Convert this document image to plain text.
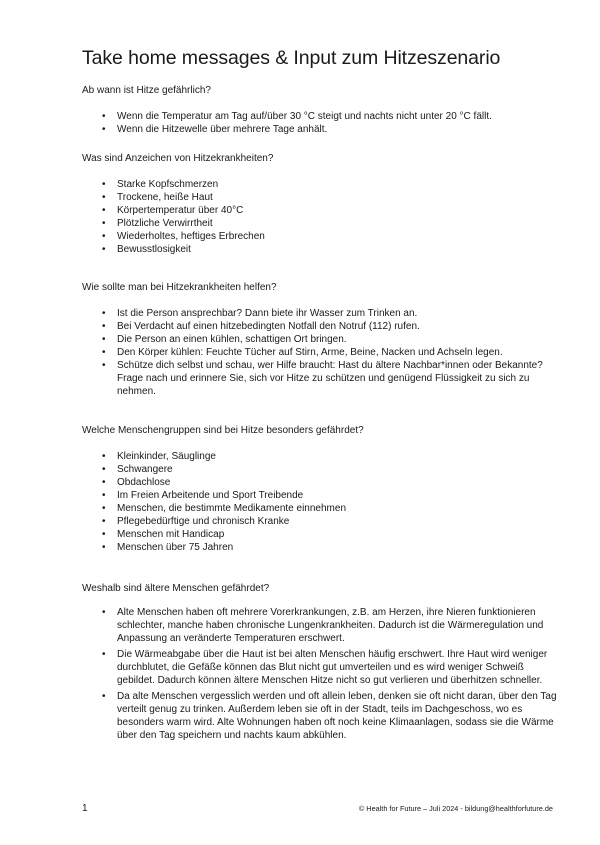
Take home messages & Input zum Hitzeszenario

Ab wann ist Hitze gefährlich?

• Wenn die Temperatur am Tag auf/über 30 °C steigt und nachts nicht unter 20 °C fällt.
• Wenn die Hitzewelle über mehrere Tage anhält.

Was sind Anzeichen von Hitzekrankheiten?

• Starke Kopfschmerzen
• Trockene, heiße Haut
• Körpertemperatur über 40°C
• Plötzliche Verwirrtheit
• Wiederholtes, heftiges Erbrechen
• Bewusstlosigkeit

Wie sollte man bei Hitzekrankheiten helfen?

• Ist die Person ansprechbar? Dann biete ihr Wasser zum Trinken an.
• Bei Verdacht auf einen hitzebedingten Notfall den Notruf (112) rufen.
• Die Person an einen kühlen, schattigen Ort bringen.
• Den Körper kühlen: Feuchte Tücher auf Stirn, Arme, Beine, Nacken und Achseln legen.
• Schütze dich selbst und schau, wer Hilfe braucht: Hast du ältere Nachbar*innen oder Bekannte? Frage nach und erinnere Sie, sich vor Hitze zu schützen und genügend Flüssigkeit zu sich zu nehmen.

Welche Menschengruppen sind bei Hitze besonders gefährdet?

• Kleinkinder, Säuglinge
• Schwangere
• Obdachlose
• Im Freien Arbeitende und Sport Treibende
• Menschen, die bestimmte Medikamente einnehmen
• Pflegebedürftige und chronisch Kranke
• Menschen mit Handicap
• Menschen über 75 Jahren

Weshalb sind ältere Menschen gefährdet?

• Alte Menschen haben oft mehrere Vorerkrankungen, z.B. am Herzen, ihre Nieren funktionieren schlechter, manche haben chronische Lungenkrankheiten. Dadurch ist die Wärmeregulation und Anpassung an veränderte Temperaturen erschwert.
• Die Wärmeabgabe über die Haut ist bei alten Menschen häufig erschwert. Ihre Haut wird weniger durchblutet, die Gefäße können das Blut nicht gut umverteilen und es wird weniger Schweiß gebildet. Dadurch können ältere Menschen Hitze nicht so gut verlieren und überhitzen schneller.
• Da alte Menschen vergesslich werden und oft allein leben, denken sie oft nicht daran, über den Tag verteilt genug zu trinken. Außerdem leben sie oft in der Stadt, teils im Dachgeschoss, wo es besonders warm wird. Alte Wohnungen haben oft noch keine Klimaanlagen, sodass sie die Wärme über den Tag speichern und nachts kaum abkühlen.

1	© Health for Future – Juli 2024 - bildung@healthforfuture.de
